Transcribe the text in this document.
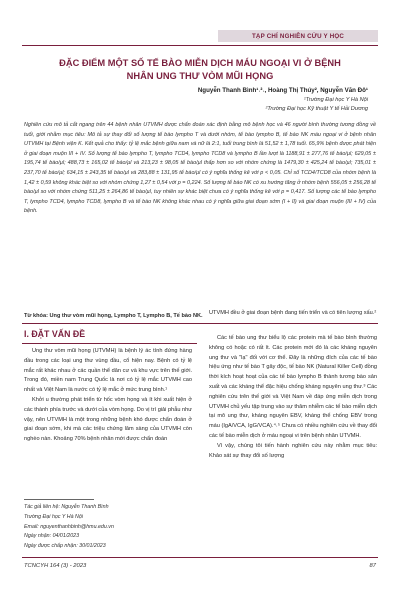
TẠP CHÍ NGHIÊN CỨU Y HỌC
ĐẶC ĐIỂM MỘT SỐ TẾ BÀO MIỄN DỊCH MÁU NGOẠI VI Ở BỆNH
NHÂN UNG THƯ VÒM MŨI HỌNG
Nguyễn Thanh Bình¹˒²˒, Hoàng Thị Thúy², Nguyễn Văn Đô¹
¹Trường Đại học Y Hà Nội
²Trường Đại học Kỹ thuật Y tế Hải Dương
Nghiên cứu mô tả cắt ngang trên 44 bệnh nhân UTVMH được chẩn đoán xác định bằng mô bệnh học và 46 người bình thường tương đồng về tuổi, giới nhằm mục tiêu: Mô tả sự thay đổi số lượng tế bào lympho T và dưới nhóm, tế bào lympho B, tế bào NK máu ngoại vi ở bệnh nhân UTVMH tại Bệnh viện K. Kết quả cho thấy: tỷ lệ mắc bệnh giữa nam và nữ là 2:1, tuổi trung bình là 51,52 ± 1,78 tuổi. 65,9% bệnh được phát hiện ở giai đoạn muộn III + IV. Số lượng tế bào lympho T, lympho TCD4, lympho TCD8 và lympho B lần lượt là 1188,91 ± 277,76 tế bào/µl; 629,05 ± 195,74 tế bào/µl; 488,73 ± 165,02 tế bào/µl và 213,23 ± 98,05 tế bào/µl thấp hơn so với nhóm chứng là 1479,30 ± 425,24 tế bào/µl; 735,01 ± 237,70 tế bào/µl; 634,15 ± 243,35 tế bào/µl và 283,88 ± 131,95 tế bào/µl có ý nghĩa thống kê với p < 0,05. Chỉ số TCD4/TCD8 của nhóm bệnh là 1,42 ± 0,59 không khác biệt so với nhóm chứng 1,27 ± 0,54 với p = 0,224. Số lượng tế bào NK có xu hướng tăng ở nhóm bệnh 556,05 ± 256,28 tế bào/µl so với nhóm chứng 511,25 ± 264,86 tế bào/µl, tuy nhiên sự khác biệt chưa có ý nghĩa thống kê với p = 0,417. Số lượng các tế bào lympho T, lympho TCD4, lympho TCD8, lympho B và tế bào NK không khác nhau có ý nghĩa giữa giai đoạn sớm (I + II) và giai đoạn muộn (III + IV) của bệnh.
Từ khóa: Ung thư vòm mũi họng, Lympho T, Lympho B, Tế bào NK.
I. ĐẶT VẤN ĐỀ

Ung thư vòm mũi họng (UTVMH) là bệnh lý ác tính đứng hàng đầu trong các loại ung thư vùng đầu, cổ hiện nay. Bệnh có tỷ lệ mắc rất khác nhau ở các quần thể dân cư và khu vực trên thế giới. Trong đó, miền nam Trung Quốc là nơi có tỷ lệ mắc UTVMH cao nhất và Việt Nam là nước có tỷ lệ mắc ở mức trung bình.¹

Khởi u thường phát triển từ hốc vòm họng và ít khi xuất hiện ở các thành phía trước và dưới của vòm họng. Do vị trí giải phẫu như vậy, nên UTVMH là một trong những bệnh khó được chẩn đoán ở giai đoạn sớm, khi mà các triệu chứng lâm sàng của UTVMH còn nghèo nàn. Khoảng 70% bệnh nhân mới được chẩn đoán

UTVMH đều ở giai đoạn bệnh đang tiến triển và có tiên lượng xấu.²

Các tế bào ung thư biểu lộ các protein mà tế bào bình thường không có hoặc có rất ít. Các protein mới đó là các kháng nguyên ung thư và "lạ" đối với cơ thể. Đây là những đích của các tế bào hiệu ứng như tế bào T gây độc, tế bào NK (Natural Killer Cell) đồng thời kích hoạt hoạt của các tế bào lympho B thành tương bào sản xuất và các kháng thể đặc hiệu chống kháng nguyên ung thư.³ Các nghiên cứu trên thế giới và Việt Nam về đáp ứng miễn dịch trong UTVMH chủ yếu tập trung vào sự thâm nhiễm các tế bào miễn dịch tại mô ung thư, kháng nguyên EBV, kháng thể chống EBV trong máu (IgA/VCA, IgG/VCA).⁴˒⁵ Chưa có nhiều nghiên cứu về thay đổi các tế bào miễn dịch ở máu ngoại vi trên bệnh nhân UTVMH.

Vì vậy, chúng tôi tiến hành nghiên cứu này nhằm mục tiêu: Khảo sát sự thay đổi số lượng

Tác giả liên hệ: Nguyễn Thanh Bình
Trường Đại học Y Hà Nội
Email: nguyenthanhbinh@hmu.edu.vn
Ngày nhận: 04/01/2023
Ngày được chấp nhận: 30/01/2023
TCNCYH 164 (3) - 2023	87
